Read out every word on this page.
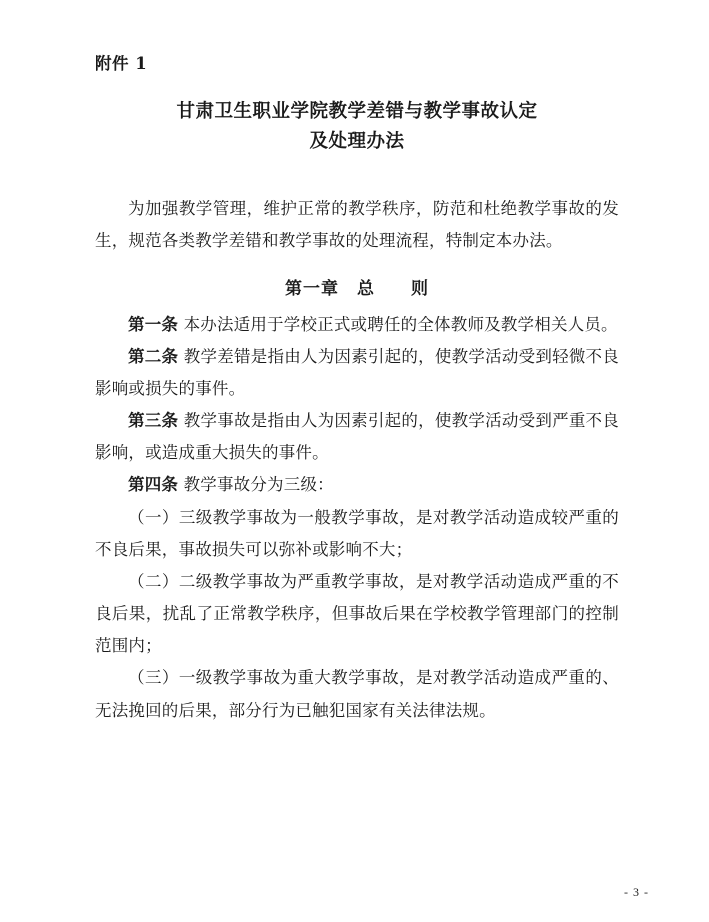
附件 1
甘肃卫生职业学院教学差错与教学事故认定
及处理办法

为加强教学管理，维护正常的教学秩序，防范和杜绝教学事故的发生，规范各类教学差错和教学事故的处理流程，特制定本办法。

第一章　总　　则

第一条 本办法适用于学校正式或聘任的全体教师及教学相关人员。

第二条 教学差错是指由人为因素引起的，使教学活动受到轻微不良影响或损失的事件。

第三条 教学事故是指由人为因素引起的，使教学活动受到严重不良影响，或造成重大损失的事件。

第四条 教学事故分为三级：

（一）三级教学事故为一般教学事故，是对教学活动造成较严重的不良后果，事故损失可以弥补或影响不大；

（二）二级教学事故为严重教学事故，是对教学活动造成严重的不良后果，扰乱了正常教学秩序，但事故后果在学校教学管理部门的控制范围内；

（三）一级教学事故为重大教学事故，是对教学活动造成严重的、无法挽回的后果，部分行为已触犯国家有关法律法规。

- 3 -
